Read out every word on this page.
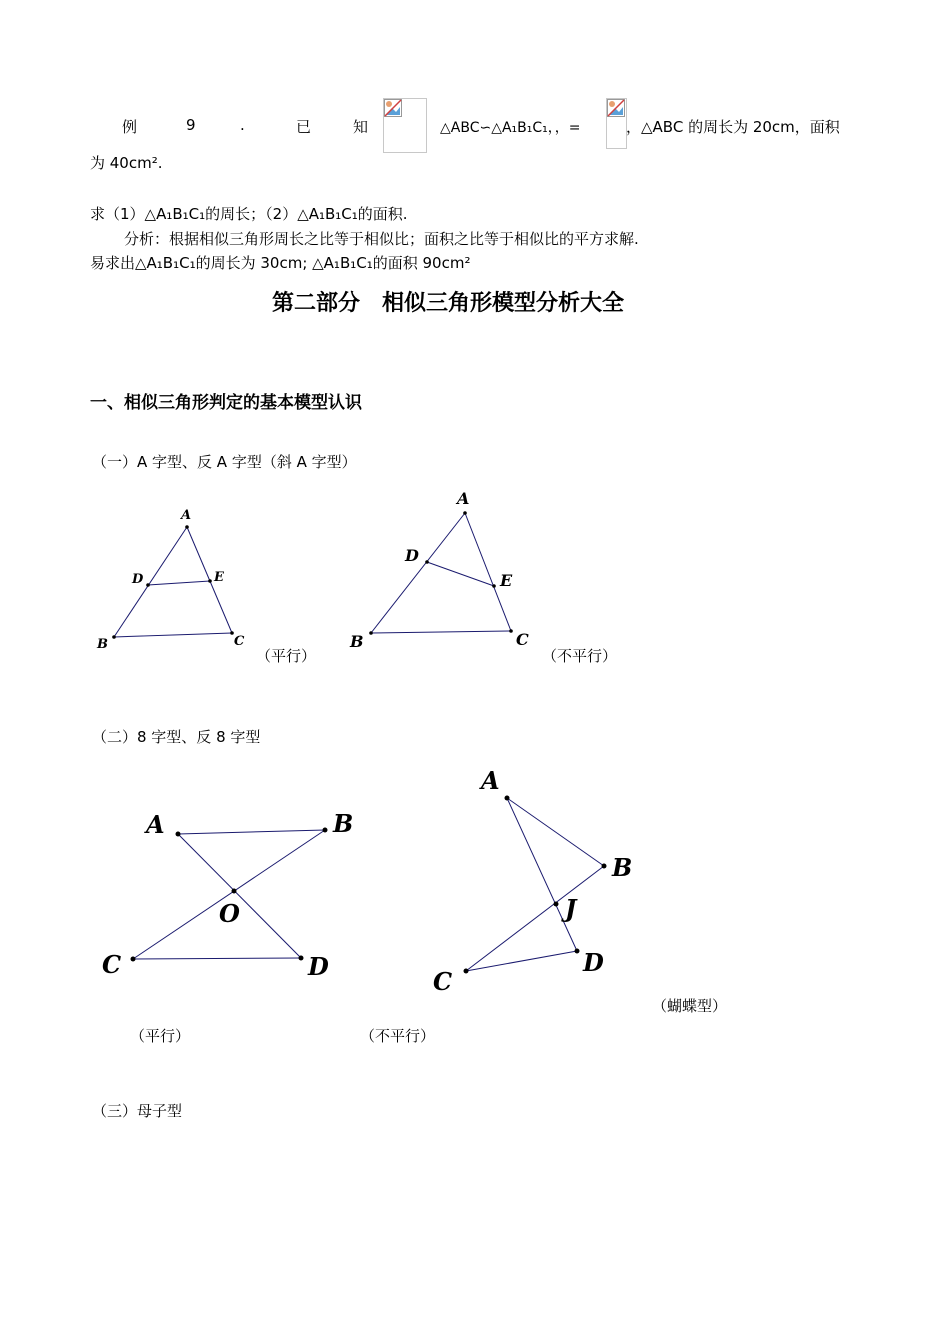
例	9	.	已	知	△ABC∽△A₁B₁C₁，，=	，△ABC 的周长为 20cm，面积
为 40cm².
求（1）△A₁B₁C₁的周长；（2）△A₁B₁C₁的面积.
分析：根据相似三角形周长之比等于相似比；面积之比等于相似比的平方求解.
易求出△A₁B₁C₁的周长为 30cm; △A₁B₁C₁的面积 90cm²
第二部分　相似三角形模型分析大全
一、相似三角形判定的基本模型认识
（一）A 字型、反 A 字型（斜 A 字型）
A
D	E
B	C
（平行）
A
D
E
B	C
（不平行）
（二）8 字型、反 8 字型
A	B
O
C	D
A
B
J
C
D
（蝴蝶型）
（平行）	（不平行）
（三）母子型
